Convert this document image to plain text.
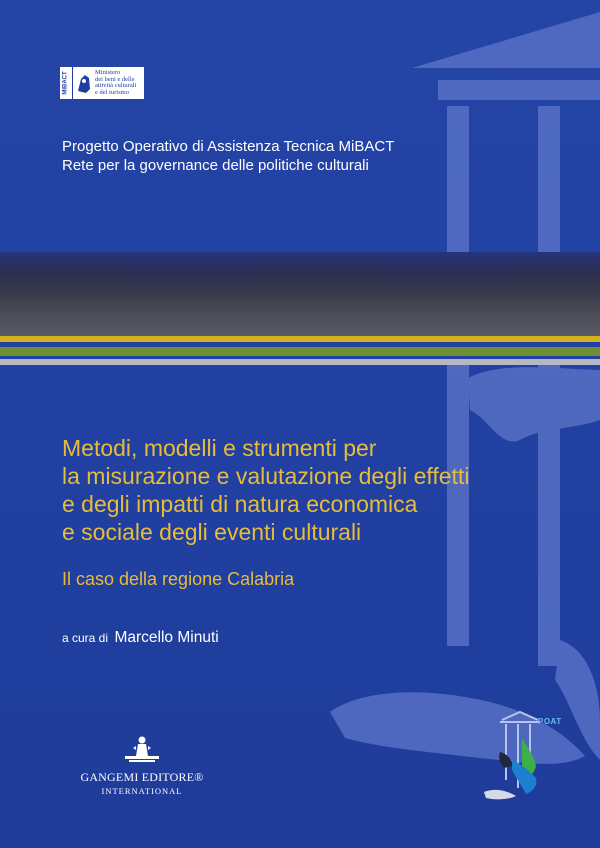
MiBACT	Ministero
dei beni e delle
attività culturali
e del turismo
Progetto Operativo di Assistenza Tecnica MiBACT
Rete per la governance delle politiche culturali
Metodi, modelli e strumenti per
la misurazione e valutazione degli effetti
e degli impatti di natura economica
e sociale degli eventi culturali
Il caso della regione Calabria
a cura di Marcello Minuti
GANGEMI EDITORE®
INTERNATIONAL
POAT
